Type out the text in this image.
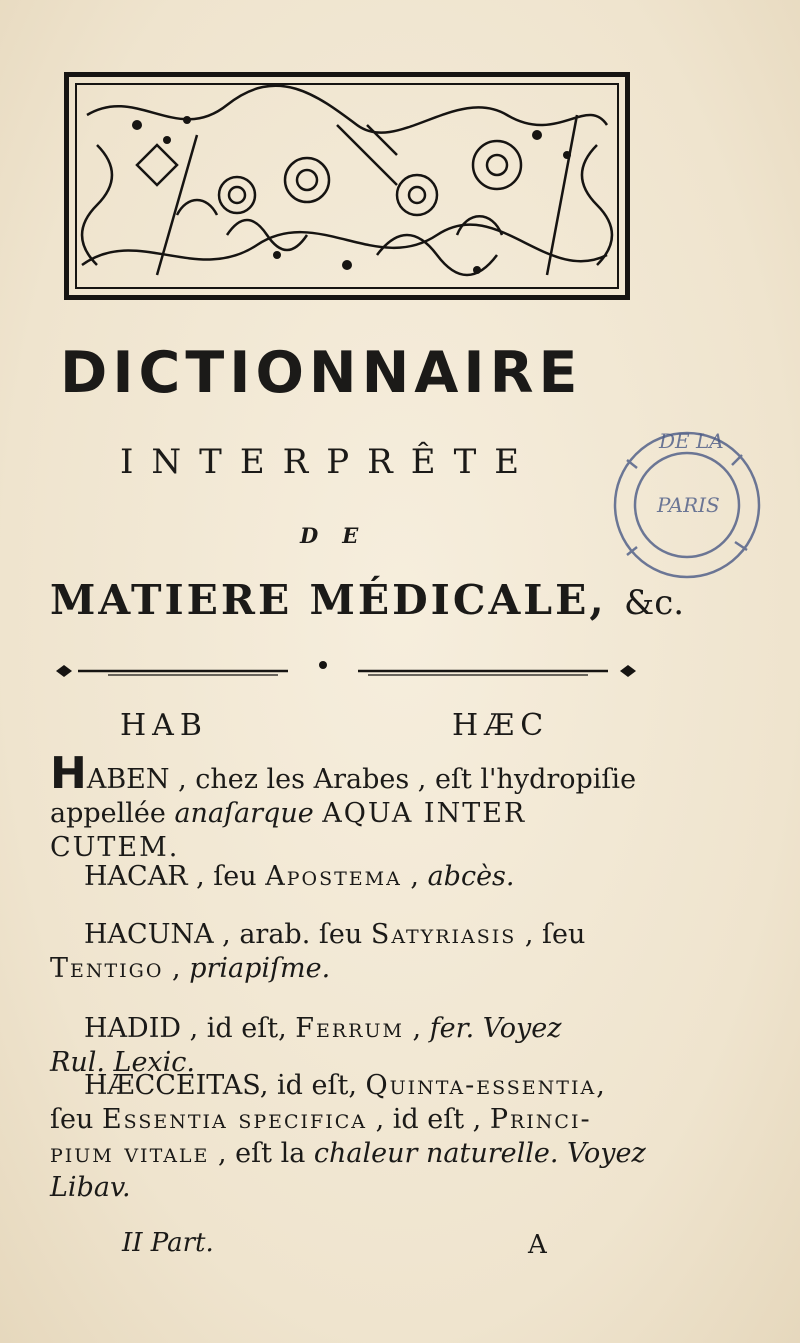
DICTIONNAIRE
INTERPRÊTE
DE
MATIERE MÉDICALE, &c.
DE LA
PARIS
HAB	HÆC
HABEN , chez les Arabes , eſt l'hydropiſie
appellée anaſarque AQUA INTER CUTEM.
HACAR , ſeu Apostema , abcès.
HACUNA , arab. ſeu Satyriasis , ſeu
Tentigo , priapiſme.
HADID , id eſt, Ferrum , fer. Voyez
Rul. Lexic.
HÆCCEITAS, id eſt, Quinta-essentia,
ſeu Essentia specifica , id eſt , Princi-
pium vitale , eſt la chaleur naturelle. Voyez
Libav.
II Part.	A
